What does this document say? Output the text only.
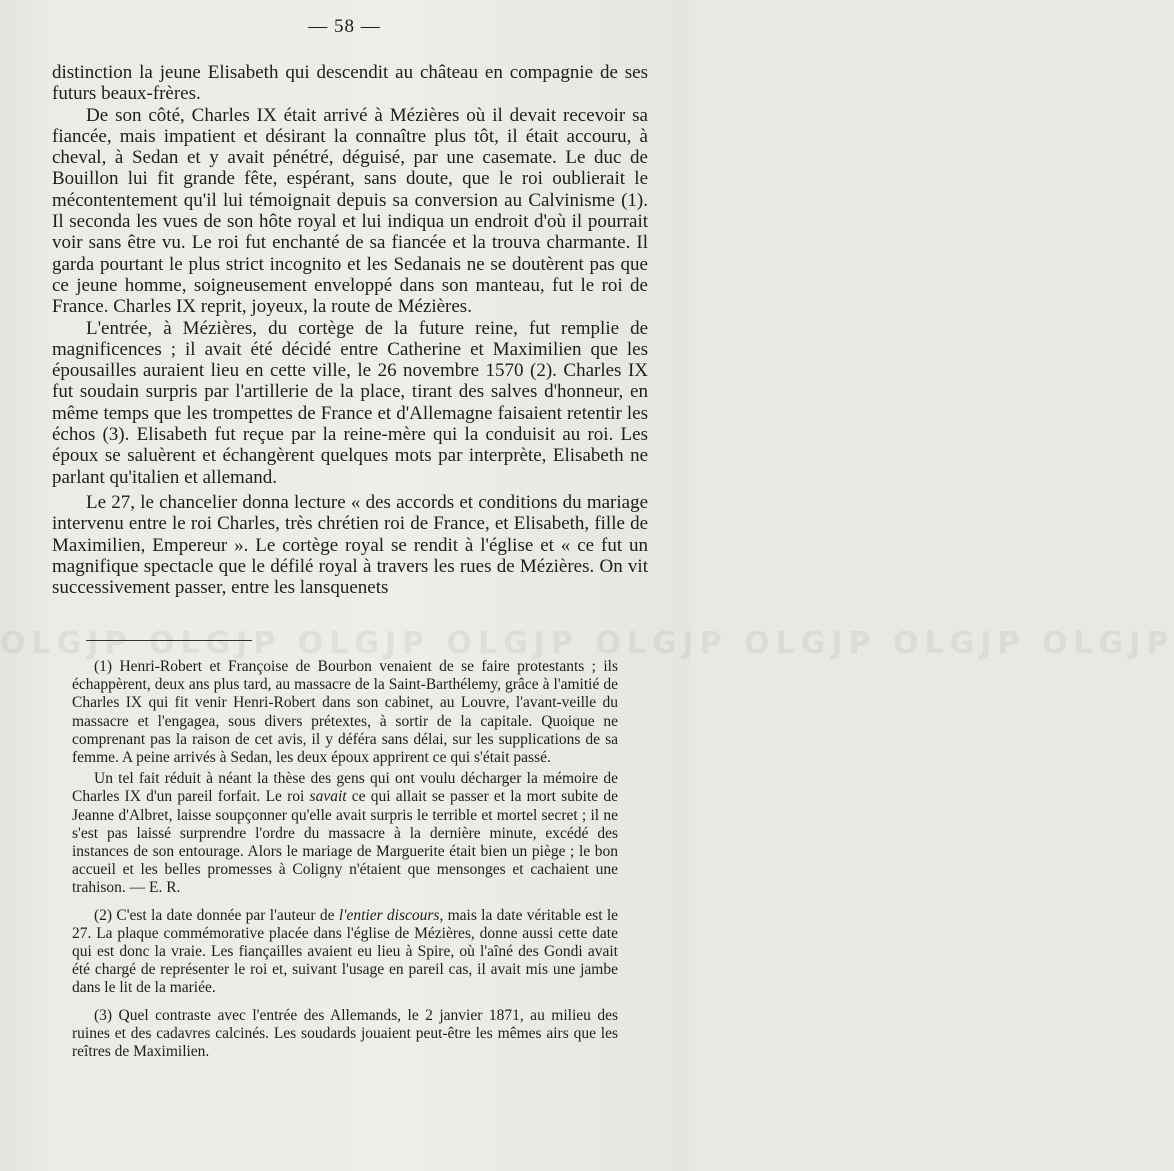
— 58 —
OLGJP OLGJP OLGJP OLGJP OLGJP OLGJP OLGJP OLGJP

distinction la jeune Elisabeth qui descendit au château en compagnie de ses futurs beaux-frères.

De son côté, Charles IX était arrivé à Mézières où il devait recevoir sa fiancée, mais impatient et désirant la connaître plus tôt, il était accouru, à cheval, à Sedan et y avait pénétré, déguisé, par une casemate. Le duc de Bouillon lui fit grande fête, espérant, sans doute, que le roi oublierait le mécontentement qu'il lui témoignait depuis sa conversion au Calvinisme (1). Il seconda les vues de son hôte royal et lui indiqua un endroit d'où il pourrait voir sans être vu. Le roi fut enchanté de sa fiancée et la trouva charmante. Il garda pourtant le plus strict incognito et les Sedanais ne se doutèrent pas que ce jeune homme, soigneusement enveloppé dans son manteau, fut le roi de France. Charles IX reprit, joyeux, la route de Mézières.

L'entrée, à Mézières, du cortège de la future reine, fut remplie de magnificences ; il avait été décidé entre Catherine et Maximilien que les épousailles auraient lieu en cette ville, le 26 novembre 1570 (2). Charles IX fut soudain surpris par l'artillerie de la place, tirant des salves d'honneur, en même temps que les trompettes de France et d'Allemagne faisaient retentir les échos (3). Elisabeth fut reçue par la reine-mère qui la conduisit au roi. Les époux se saluèrent et échangèrent quelques mots par interprète, Elisabeth ne parlant qu'italien et allemand.

Le 27, le chancelier donna lecture « des accords et conditions du mariage intervenu entre le roi Charles, très chrétien roi de France, et Elisabeth, fille de Maximilien, Empereur ». Le cortège royal se rendit à l'église et « ce fut un magnifique spectacle que le défilé royal à travers les rues de Mézières. On vit successivement passer, entre les lansquenets

(1) Henri-Robert et Françoise de Bourbon venaient de se faire protestants ; ils échappèrent, deux ans plus tard, au massacre de la Saint-Barthélemy, grâce à l'amitié de Charles IX qui fit venir Henri-Robert dans son cabinet, au Louvre, l'avant-veille du massacre et l'engagea, sous divers prétextes, à sortir de la capitale. Quoique ne comprenant pas la raison de cet avis, il y déféra sans délai, sur les supplications de sa femme. A peine arrivés à Sedan, les deux époux apprirent ce qui s'était passé.

Un tel fait réduit à néant la thèse des gens qui ont voulu décharger la mémoire de Charles IX d'un pareil forfait. Le roi savait ce qui allait se passer et la mort subite de Jeanne d'Albret, laisse soupçonner qu'elle avait surpris le terrible et mortel secret ; il ne s'est pas laissé surprendre l'ordre du massacre à la dernière minute, excédé des instances de son entourage. Alors le mariage de Marguerite était bien un piège ; le bon accueil et les belles promesses à Coligny n'étaient que mensonges et cachaient une trahison. — E. R.

(2) C'est la date donnée par l'auteur de l'entier discours, mais la date véritable est le 27. La plaque commémorative placée dans l'église de Mézières, donne aussi cette date qui est donc la vraie. Les fiançailles avaient eu lieu à Spire, où l'aîné des Gondi avait été chargé de représenter le roi et, suivant l'usage en pareil cas, il avait mis une jambe dans le lit de la mariée.

(3) Quel contraste avec l'entrée des Allemands, le 2 janvier 1871, au milieu des ruines et des cadavres calcinés. Les soudards jouaient peut-être les mêmes airs que les reîtres de Maximilien.
